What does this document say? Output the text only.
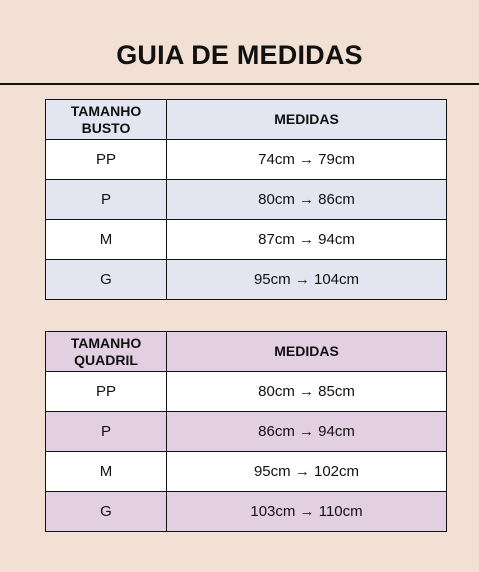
GUIA DE MEDIDAS
TAMANHO
BUSTO	MEDIDAS
PP	74cm → 79cm
P	80cm → 86cm
M	87cm → 94cm
G	95cm → 104cm
TAMANHO
QUADRIL	MEDIDAS
PP	80cm → 85cm
P	86cm → 94cm
M	95cm → 102cm
G	103cm → 110cm
